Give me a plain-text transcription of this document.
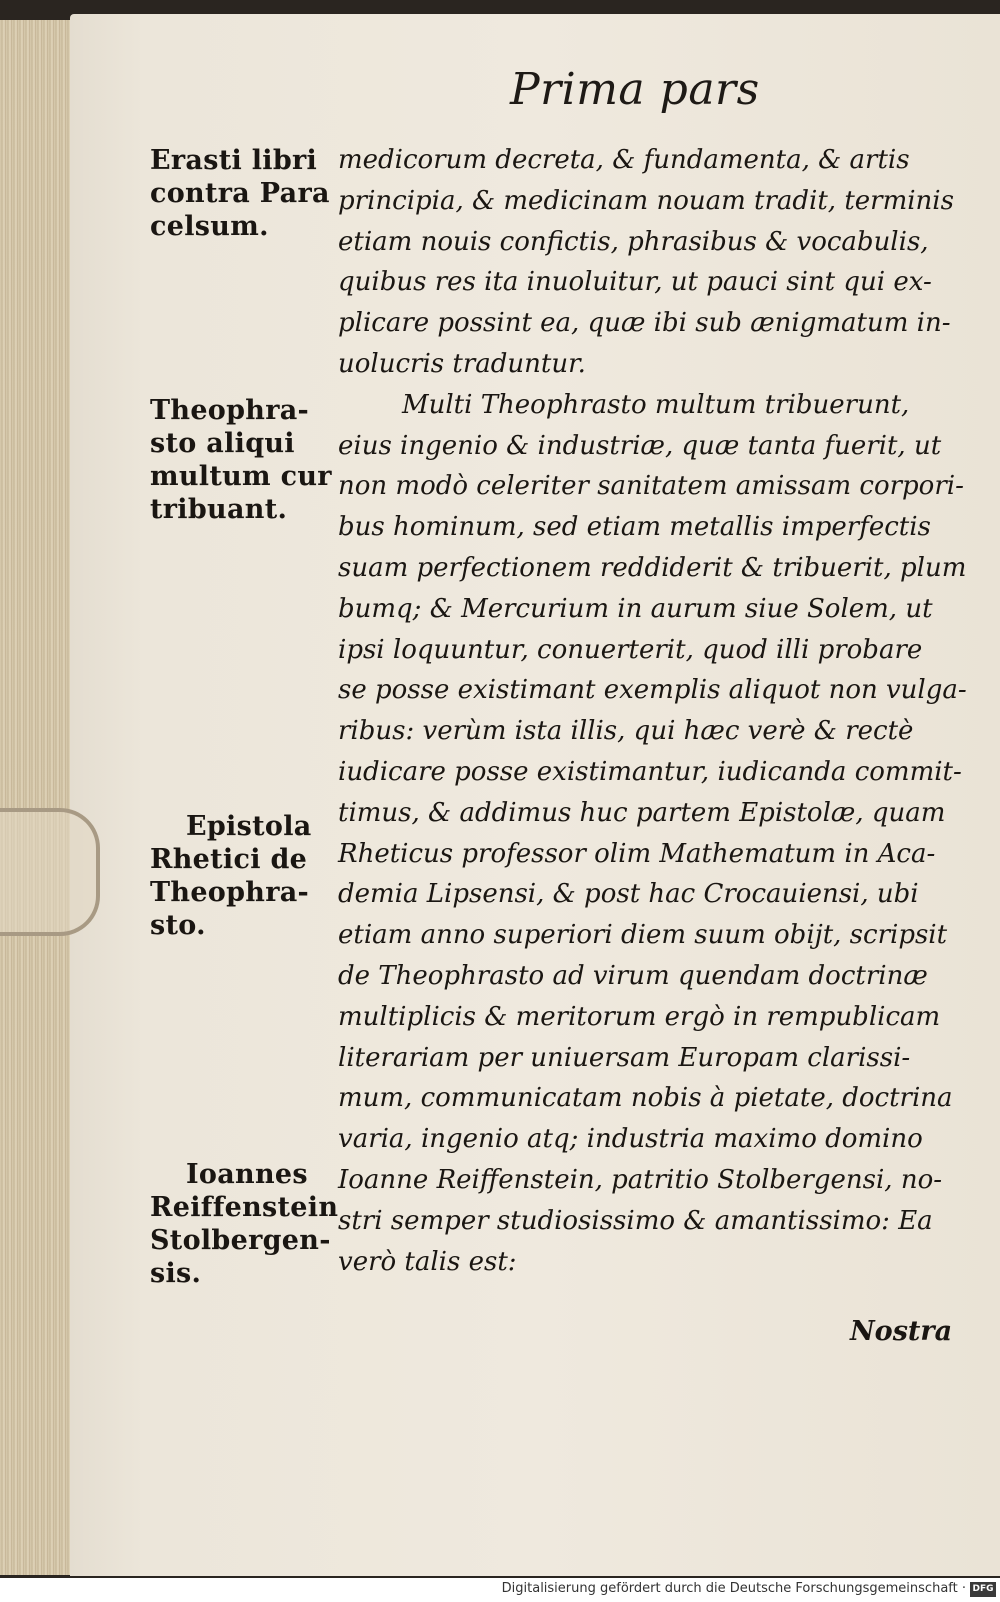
Prima pars
Erasti libri
contra Para
celsum.
Theophra-
sto aliqui
multum cur
tribuant.
Epistola
Rhetici de
Theophra-
sto.
Ioannes
Reiffenstein
Stolbergen-
sis.
medicorum decreta, & fundamenta, & artis
principia, & medicinam nouam tradit, terminis
etiam nouis confictis, phrasibus & vocabulis,
quibus res ita inuoluitur, ut pauci sint qui ex-
plicare possint ea, quæ ibi sub ænigmatum in-
uolucris traduntur.
Multi Theophrasto multum tribuerunt,
eius ingenio & industriæ, quæ tanta fuerit, ut
non modò celeriter sanitatem amissam corpori-
bus hominum, sed etiam metallis imperfectis
suam perfectionem reddiderit & tribuerit, plum
bumq; & Mercurium in aurum siue Solem, ut
ipsi loquuntur, conuerterit, quod illi probare
se posse existimant exemplis aliquot non vulga-
ribus: verùm ista illis, qui hæc verè & rectè
iudicare posse existimantur, iudicanda commit-
timus, & addimus huc partem Epistolæ, quam
Rheticus professor olim Mathematum in Aca-
demia Lipsensi, & post hac Crocauiensi, ubi
etiam anno superiori diem suum obijt, scripsit
de Theophrasto ad virum quendam doctrinæ
multiplicis & meritorum ergò in rempublicam
literariam per uniuersam Europam clarissi-
mum, communicatam nobis à pietate, doctrina
varia, ingenio atq; industria maximo domino
Ioanne Reiffenstein, patritio Stolbergensi, no-
stri semper studiosissimo & amantissimo: Ea
verò talis est:
Nostra
Digitalisierung gefördert durch die Deutsche Forschungsgemeinschaft · DFG
